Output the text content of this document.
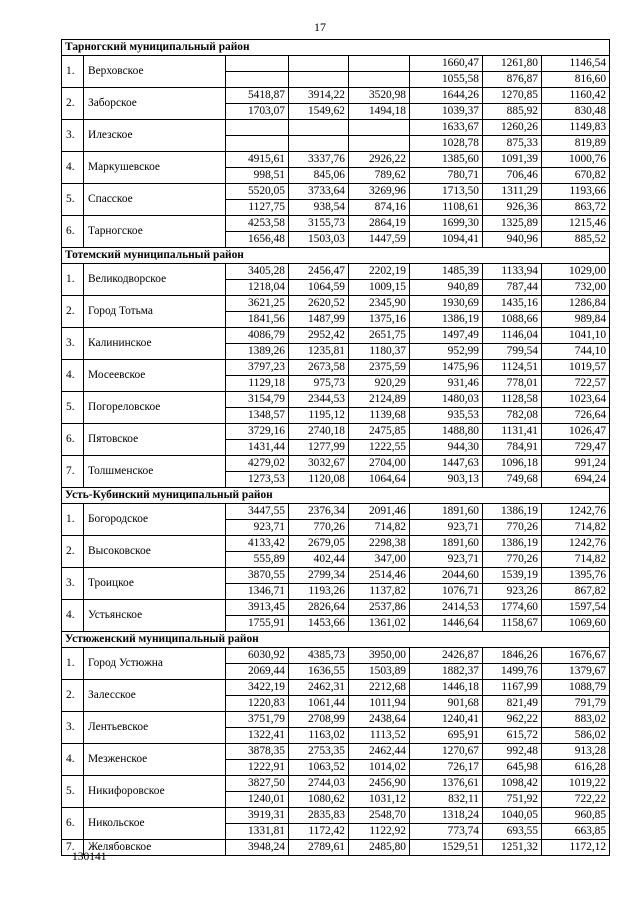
17
Тарногский муниципальный район							
1.	Верховское				1660,47	1261,80	1146,54
					1055,58	876,87	816,60
2.	Заборское	5418,87	3914,22	3520,98	1644,26	1270,85	1160,42
		1703,07	1549,62	1494,18	1039,37	885,92	830,48
3.	Илезское				1633,67	1260,26	1149,83
					1028,78	875,33	819,89
4.	Маркушевское	4915,61	3337,76	2926,22	1385,60	1091,39	1000,76
		998,51	845,06	789,62	780,71	706,46	670,82
5.	Спасское	5520,05	3733,64	3269,96	1713,50	1311,29	1193,66
		1127,75	938,54	874,16	1108,61	926,36	863,72
6.	Тарногское	4253,58	3155,73	2864,19	1699,30	1325,89	1215,46
		1656,48	1503,03	1447,59	1094,41	940,96	885,52
Тотемский муниципальный район							
1.	Великодворское	3405,28	2456,47	2202,19	1485,39	1133,94	1029,00
		1218,04	1064,59	1009,15	940,89	787,44	732,00
2.	Город Тотьма	3621,25	2620,52	2345,90	1930,69	1435,16	1286,84
		1841,56	1487,99	1375,16	1386,19	1088,66	989,84
3.	Калининское	4086,79	2952,42	2651,75	1497,49	1146,04	1041,10
		1389,26	1235,81	1180,37	952,99	799,54	744,10
4.	Мосеевское	3797,23	2673,58	2375,59	1475,96	1124,51	1019,57
		1129,18	975,73	920,29	931,46	778,01	722,57
5.	Погореловское	3154,79	2344,53	2124,89	1480,03	1128,58	1023,64
		1348,57	1195,12	1139,68	935,53	782,08	726,64
6.	Пятовское	3729,16	2740,18	2475,85	1488,80	1131,41	1026,47
		1431,44	1277,99	1222,55	944,30	784,91	729,47
7.	Толшменское	4279,02	3032,67	2704,00	1447,63	1096,18	991,24
		1273,53	1120,08	1064,64	903,13	749,68	694,24
Усть-Кубинский муниципальный район							
1.	Богородское	3447,55	2376,34	2091,46	1891,60	1386,19	1242,76
		923,71	770,26	714,82	923,71	770,26	714,82
2.	Высоковское	4133,42	2679,05	2298,38	1891,60	1386,19	1242,76
		555,89	402,44	347,00	923,71	770,26	714,82
3.	Троицкое	3870,55	2799,34	2514,46	2044,60	1539,19	1395,76
		1346,71	1193,26	1137,82	1076,71	923,26	867,82
4.	Устьянское	3913,45	2826,64	2537,86	2414,53	1774,60	1597,54
		1755,91	1453,66	1361,02	1446,64	1158,67	1069,60
Устюженский муниципальный район							
1.	Город Устюжна	6030,92	4385,73	3950,00	2426,87	1846,26	1676,67
		2069,44	1636,55	1503,89	1882,37	1499,76	1379,67
2.	Залесское	3422,19	2462,31	2212,68	1446,18	1167,99	1088,79
		1220,83	1061,44	1011,94	901,68	821,49	791,79
3.	Лентьевское	3751,79	2708,99	2438,64	1240,41	962,22	883,02
		1322,41	1163,02	1113,52	695,91	615,72	586,02
4.	Мезженское	3878,35	2753,35	2462,44	1270,67	992,48	913,28
		1222,91	1063,52	1014,02	726,17	645,98	616,28
5.	Никифоровское	3827,50	2744,03	2456,90	1376,61	1098,42	1019,22
		1240,01	1080,62	1031,12	832,11	751,92	722,22
6.	Никольское	3919,31	2835,83	2548,70	1318,24	1040,05	960,85
		1331,81	1172,42	1122,92	773,74	693,55	663,85
7.	Желябовское	3948,24	2789,61	2485,80	1529,51	1251,32	1172,12
130141
